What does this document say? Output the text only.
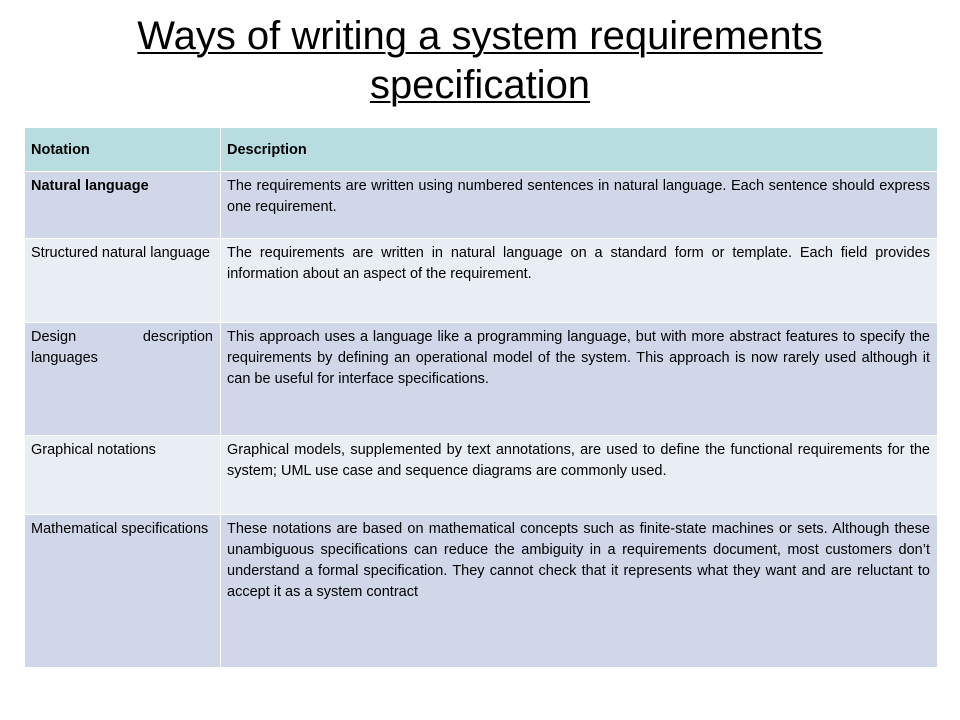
Ways of writing a system requirements specification
Notation	Description
Natural language	The requirements are written using numbered sentences in natural language. Each sentence should express one requirement.
Structured natural language	The requirements are written in natural language on a standard form or template. Each field provides information about an aspect of the requirement.
Design description languages	This approach uses a language like a programming language, but with more abstract features to specify the requirements by defining an operational model of the system. This approach is now rarely used although it can be useful for interface specifications.
Graphical notations	Graphical models, supplemented by text annotations, are used to define the functional requirements for the system; UML use case and sequence diagrams are commonly used.
Mathematical specifications	These notations are based on mathematical concepts such as finite-state machines or sets. Although these unambiguous specifications can reduce the ambiguity in a requirements document, most customers don’t understand a formal specification. They cannot check that it represents what they want and are reluctant to accept it as a system contract
